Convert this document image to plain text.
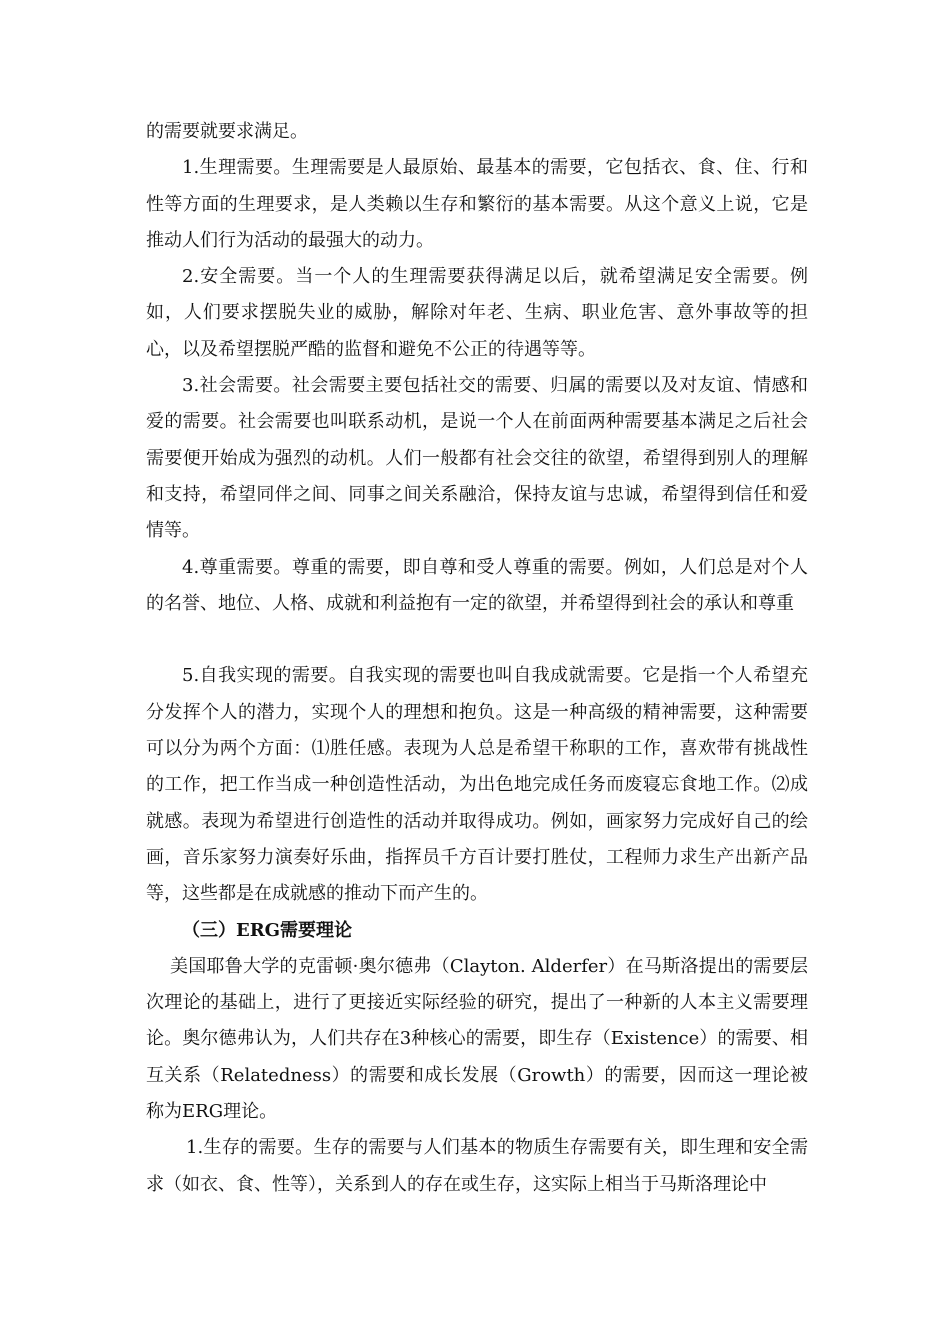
的需要就要求满足。

1.生理需要。生理需要是人最原始、最基本的需要，它包括衣、食、住、行和性等方面的生理要求，是人类赖以生存和繁衍的基本需要。从这个意义上说，它是推动人们行为活动的最强大的动力。

2.安全需要。当一个人的生理需要获得满足以后，就希望满足安全需要。例如，人们要求摆脱失业的威胁，解除对年老、生病、职业危害、意外事故等的担心，以及希望摆脱严酷的监督和避免不公正的待遇等等。

3.社会需要。社会需要主要包括社交的需要、归属的需要以及对友谊、情感和爱的需要。社会需要也叫联系动机，是说一个人在前面两种需要基本满足之后社会需要便开始成为强烈的动机。人们一般都有社会交往的欲望，希望得到别人的理解和支持，希望同伴之间、同事之间关系融洽，保持友谊与忠诚，希望得到信任和爱情等。

4.尊重需要。尊重的需要，即自尊和受人尊重的需要。例如，人们总是对个人的名誉、地位、人格、成就和利益抱有一定的欲望，并希望得到社会的承认和尊重

5.自我实现的需要。自我实现的需要也叫自我成就需要。它是指一个人希望充分发挥个人的潜力，实现个人的理想和抱负。这是一种高级的精神需要，这种需要可以分为两个方面：⑴胜任感。表现为人总是希望干称职的工作，喜欢带有挑战性的工作，把工作当成一种创造性活动，为出色地完成任务而废寝忘食地工作。⑵成就感。表现为希望进行创造性的活动并取得成功。例如，画家努力完成好自己的绘画，音乐家努力演奏好乐曲，指挥员千方百计要打胜仗，工程师力求生产出新产品等，这些都是在成就感的推动下而产生的。

（三）ERG需要理论

美国耶鲁大学的克雷顿·奥尔德弗（Clayton. Alderfer）在马斯洛提出的需要层次理论的基础上，进行了更接近实际经验的研究，提出了一种新的人本主义需要理论。奥尔德弗认为，人们共存在3种核心的需要，即生存（Existence）的需要、相互关系（Relatedness）的需要和成长发展（Growth）的需要，因而这一理论被称为ERG理论。

1.生存的需要。生存的需要与人们基本的物质生存需要有关，即生理和安全需求（如衣、食、性等），关系到人的存在或生存，这实际上相当于马斯洛理论中
